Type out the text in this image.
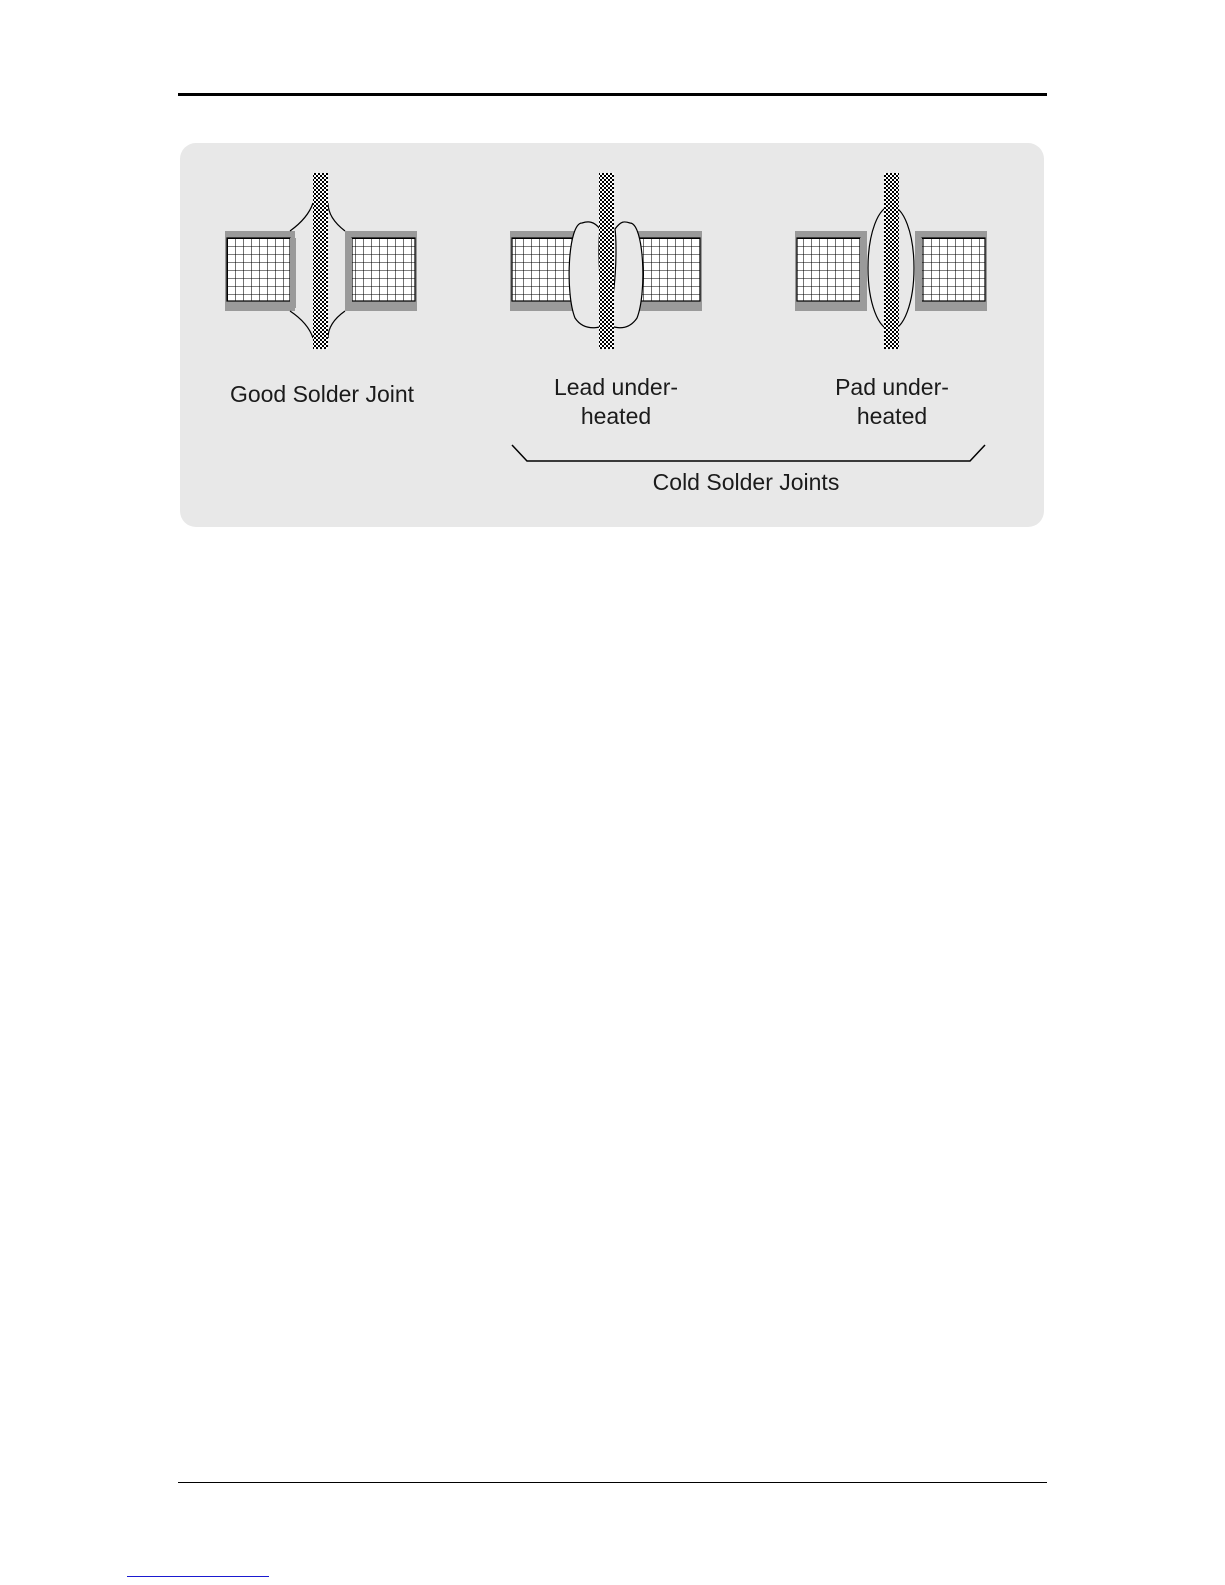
Good Solder Joint	Lead under-
heated
Pad under-
heated
Cold Solder Joints
